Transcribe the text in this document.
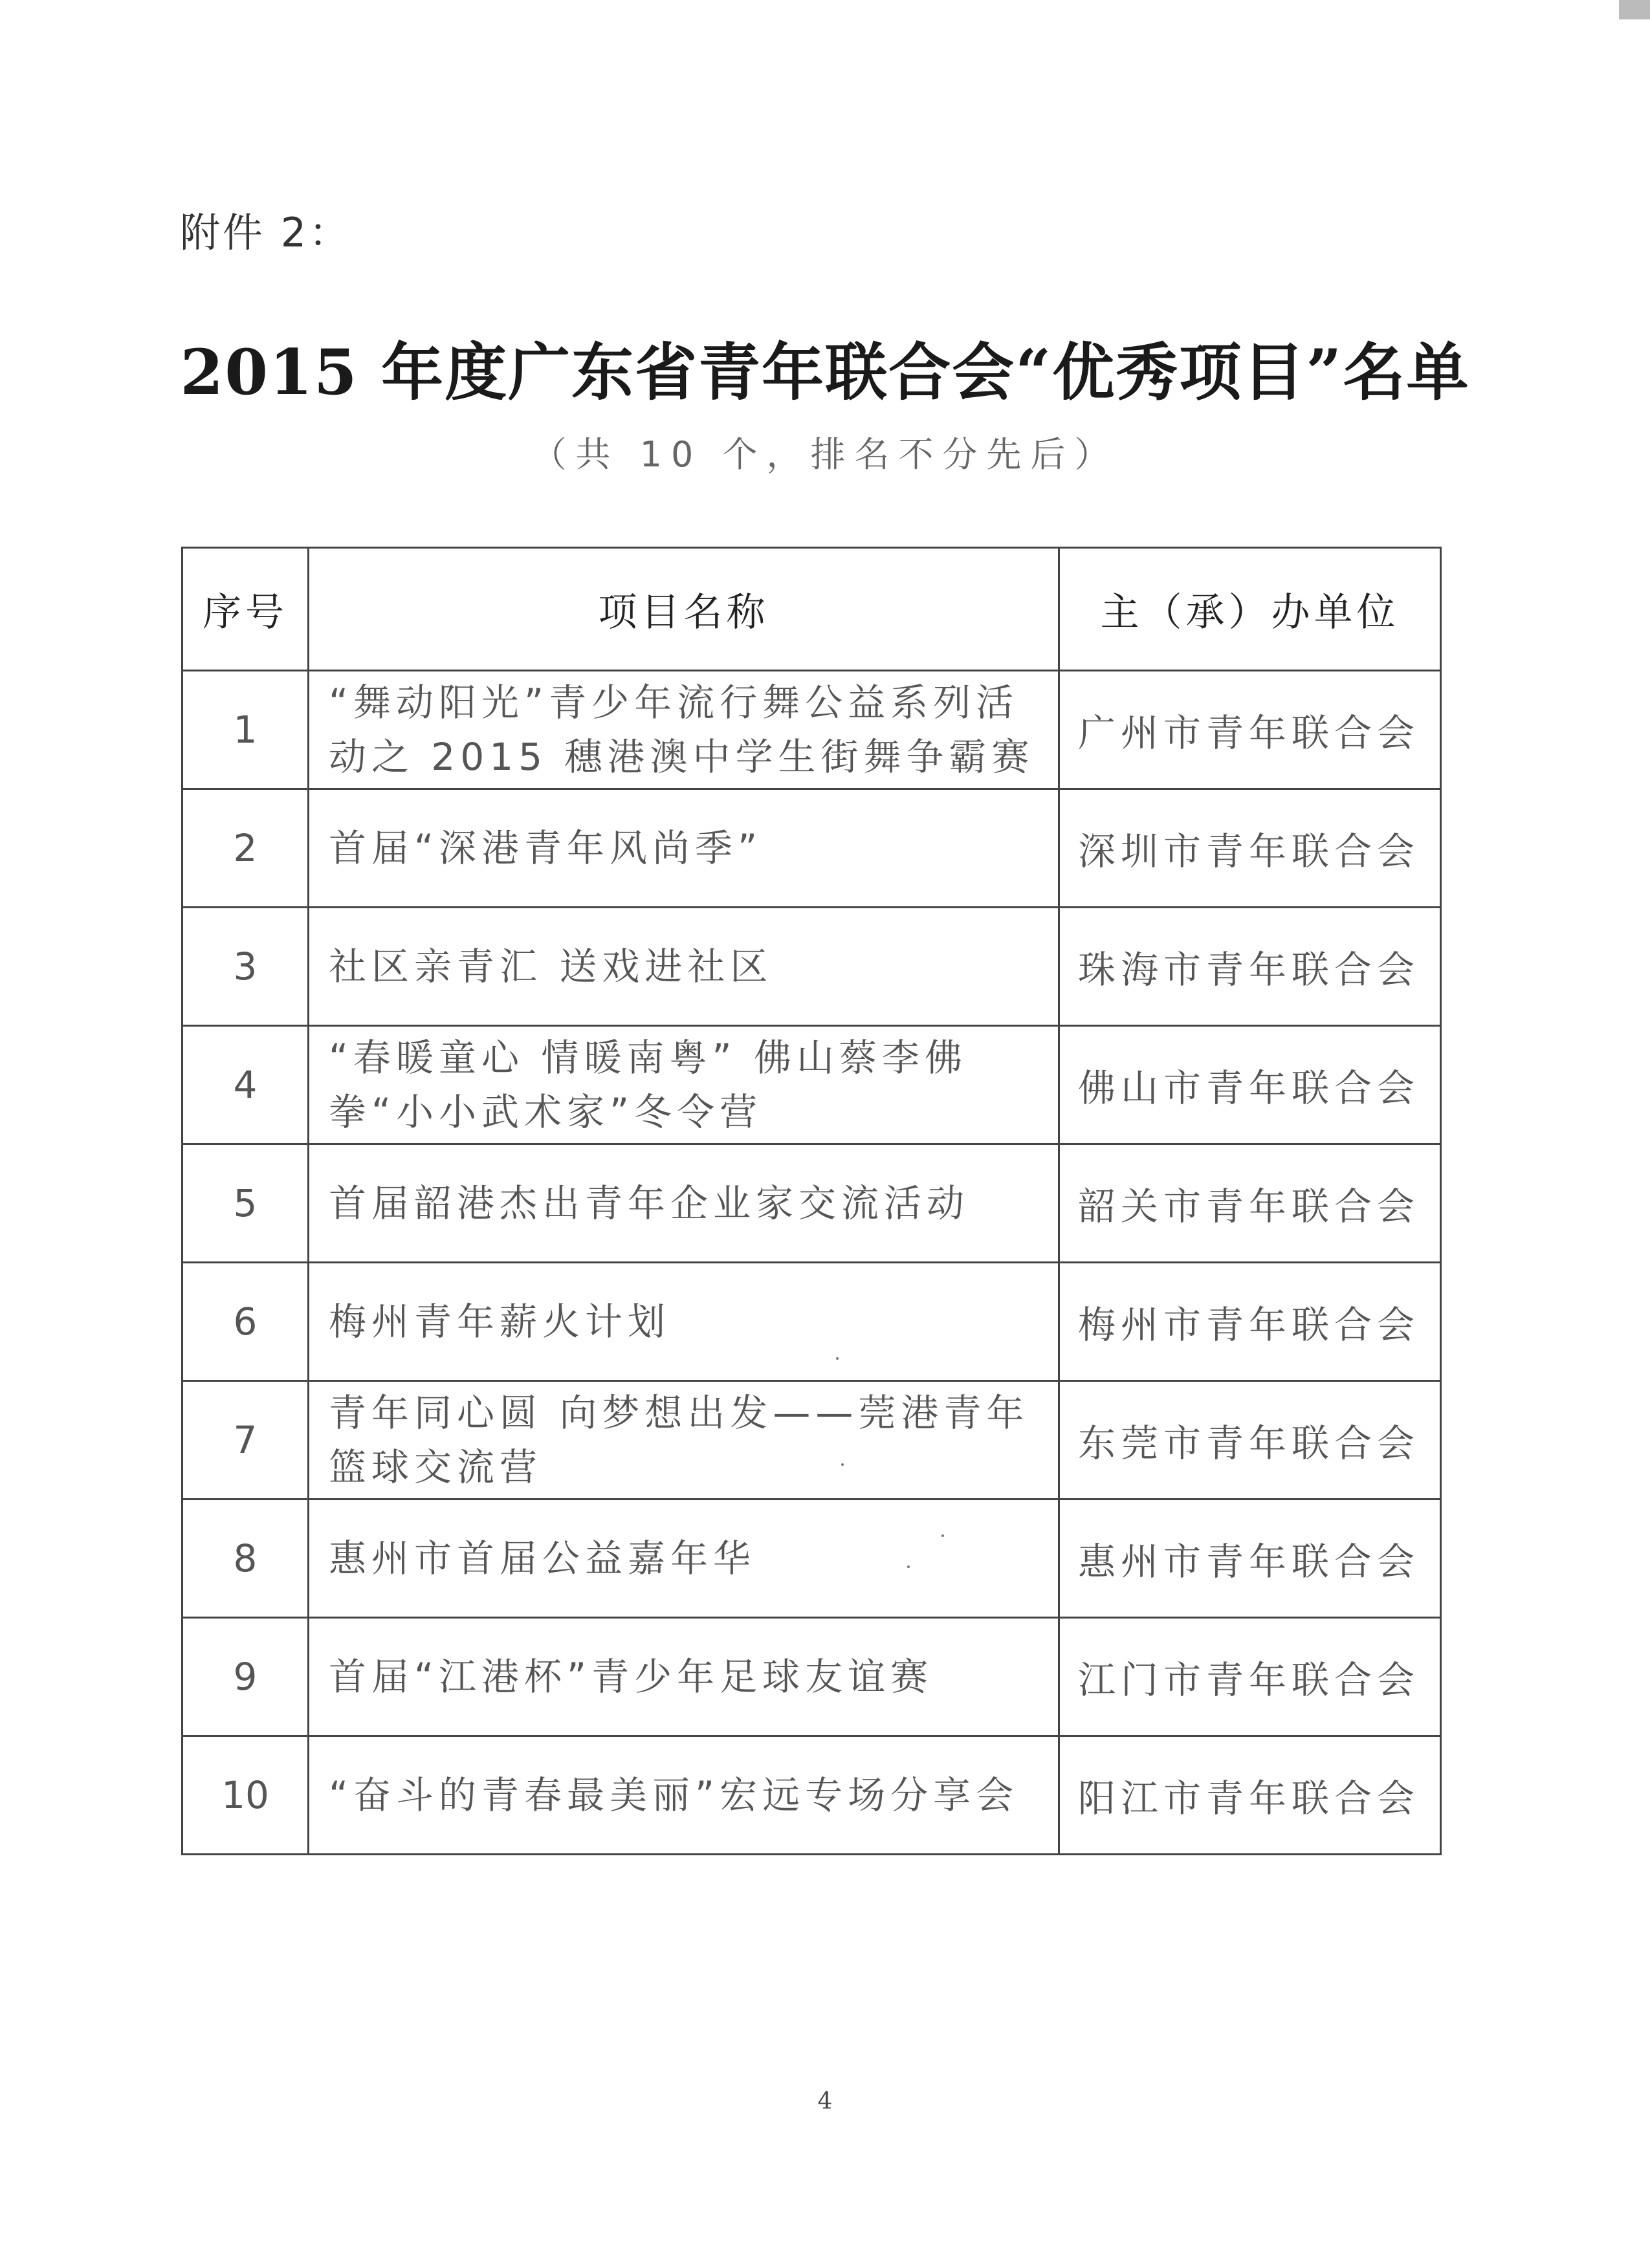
附件 2：
2015 年度广东省青年联合会“优秀项目”名单
（共 10 个，排名不分先后）
序号	项目名称	主（承）办单位
1	“舞动阳光”青少年流行舞公益系列活动之 2015 穗港澳中学生街舞争霸赛	广州市青年联合会
2	首届“深港青年风尚季”	深圳市青年联合会
3	社区亲青汇 送戏进社区	珠海市青年联合会
4	“春暖童心 情暖南粤” 佛山蔡李佛拳“小小武术家”冬令营	佛山市青年联合会
5	首届韶港杰出青年企业家交流活动	韶关市青年联合会
6	梅州青年薪火计划	梅州市青年联合会
7	青年同心圆 向梦想出发——莞港青年篮球交流营	东莞市青年联合会
8	惠州市首届公益嘉年华	惠州市青年联合会
9	首届“江港杯”青少年足球友谊赛	江门市青年联合会
10	“奋斗的青春最美丽”宏远专场分享会	阳江市青年联合会
4
